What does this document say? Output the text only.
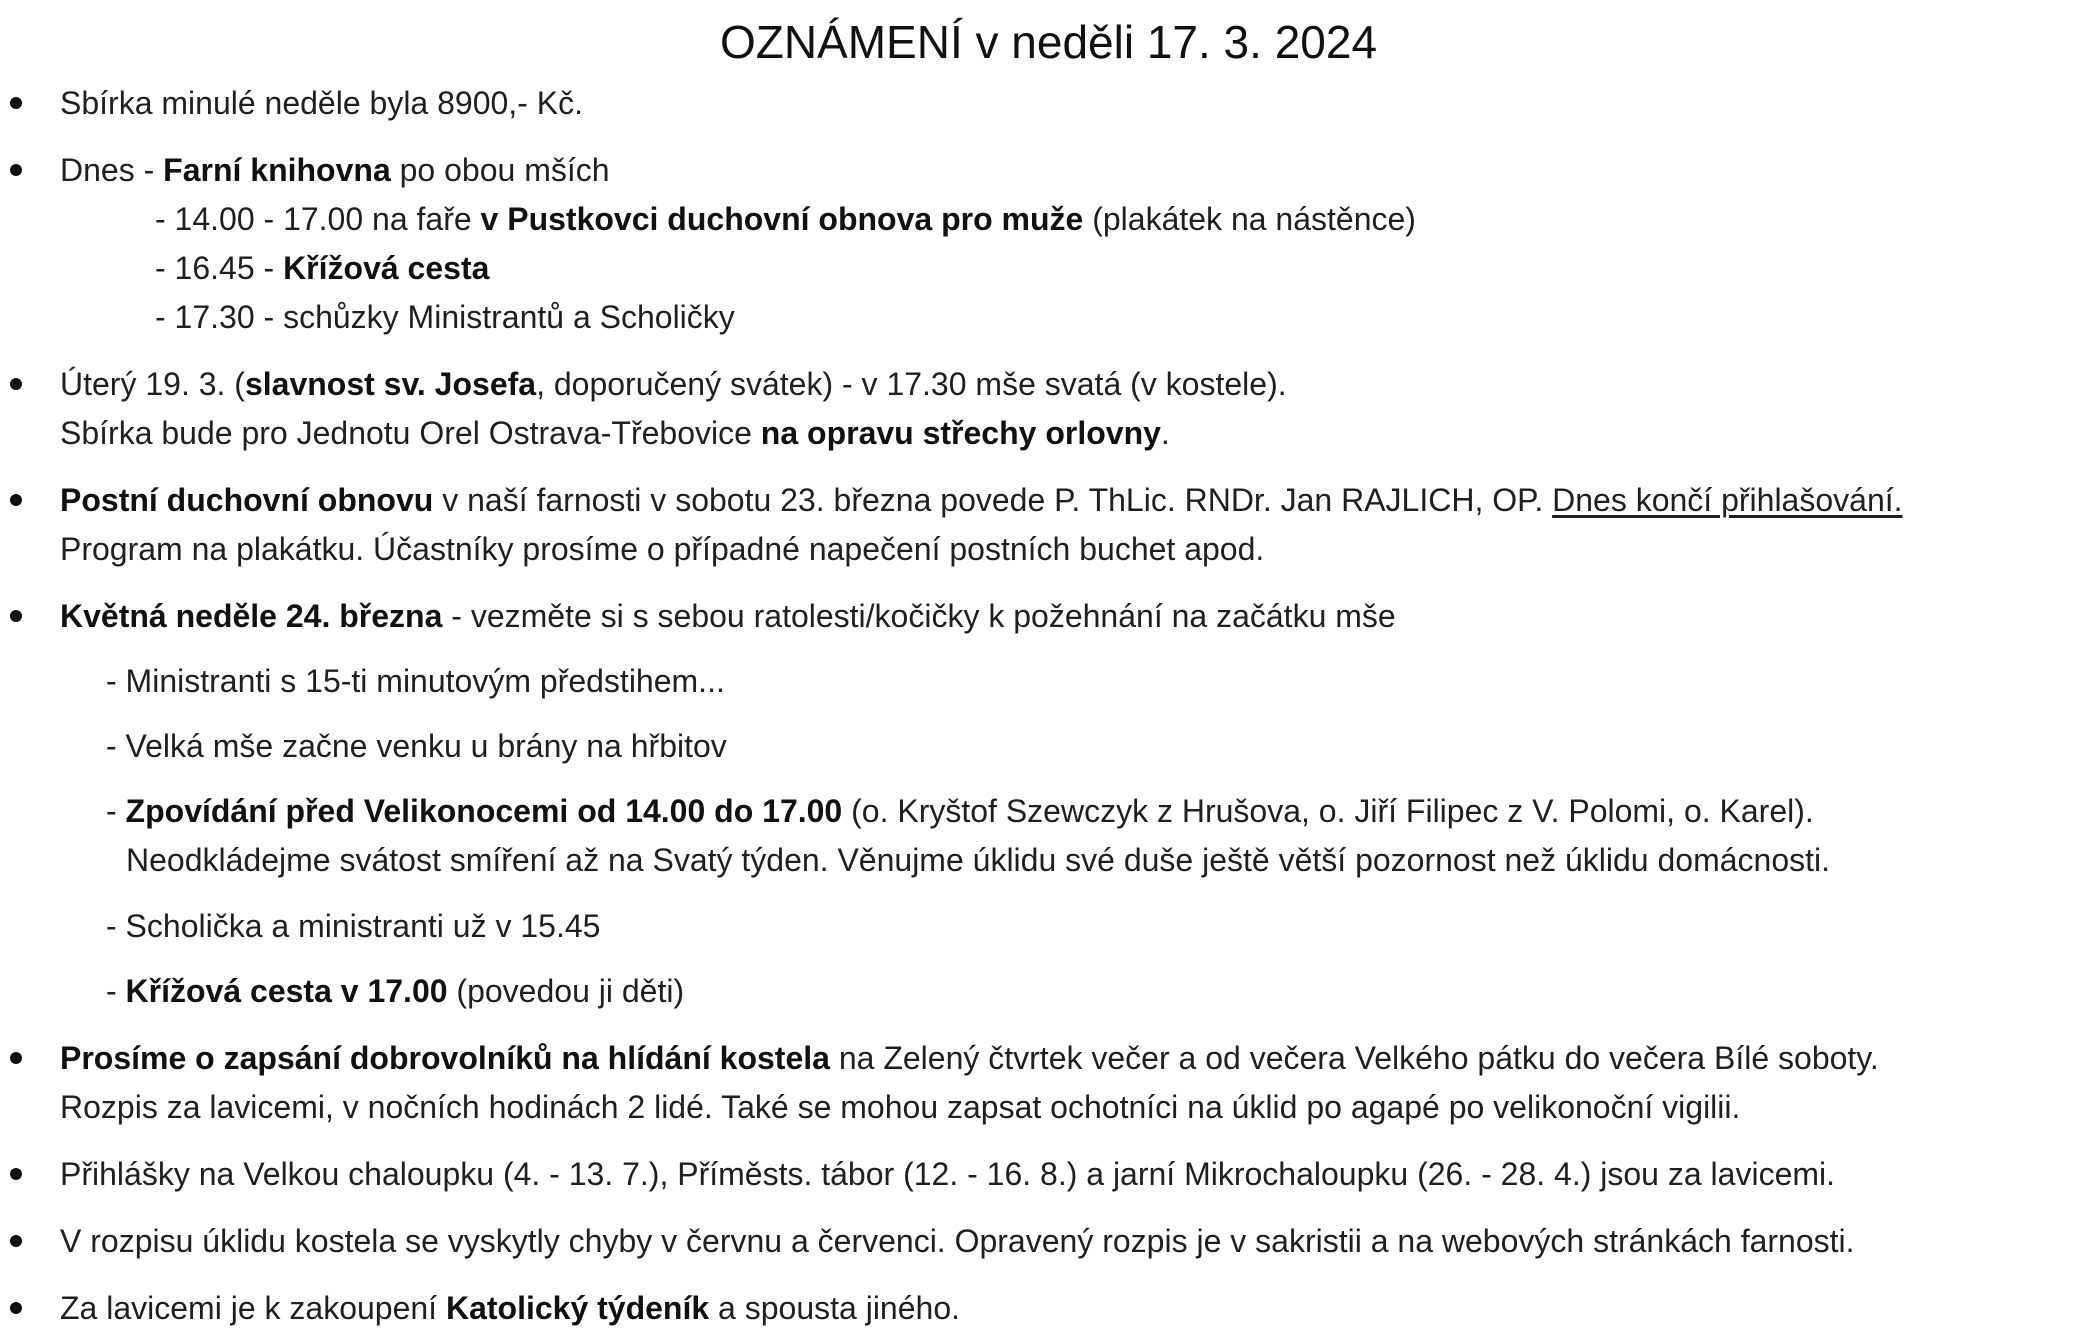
OZNÁMENÍ v neděli 17. 3. 2024
Sbírka minulé neděle byla 8900,- Kč.
Dnes - Farní knihovna po obou mších
- 14.00 - 17.00 na faře v Pustkovci duchovní obnova pro muže (plakátek na nástěnce)
- 16.45 - Křížová cesta
- 17.30 - schůzky Ministrantů a Scholičky
Úterý 19. 3. (slavnost sv. Josefa, doporučený svátek) - v 17.30 mše svatá (v kostele).
Sbírka bude pro Jednotu Orel Ostrava-Třebovice na opravu střechy orlovny.
Postní duchovní obnovu v naší farnosti v sobotu 23. března povede P. ThLic. RNDr. Jan RAJLICH, OP. Dnes končí přihlašování.
Program na plakátku. Účastníky prosíme o případné napečení postních buchet apod.
Květná neděle 24. března - vezměte si s sebou ratolesti/kočičky k požehnání na začátku mše
- Ministranti s 15-ti minutovým předstihem...
- Velká mše začne venku u brány na hřbitov
- Zpovídání před Velikonocemi od 14.00 do 17.00 (o. Kryštof Szewczyk z Hrušova, o. Jiří Filipec z V. Polomi, o. Karel).
Neodkládejme svátost smíření až na Svatý týden. Věnujme úklidu své duše ještě větší pozornost než úklidu domácnosti.
- Scholička a ministranti už v 15.45
- Křížová cesta v 17.00 (povedou ji děti)
Prosíme o zapsání dobrovolníků na hlídání kostela na Zelený čtvrtek večer a od večera Velkého pátku do večera Bílé soboty.
Rozpis za lavicemi, v nočních hodinách 2 lidé. Také se mohou zapsat ochotníci na úklid po agapé po velikonoční vigilii.
Přihlášky na Velkou chaloupku (4. - 13. 7.), Příměsts. tábor (12. - 16. 8.) a jarní Mikrochaloupku (26. - 28. 4.) jsou za lavicemi.
V rozpisu úklidu kostela se vyskytly chyby v červnu a červenci. Opravený rozpis je v sakristii a na webových stránkách farnosti.
Za lavicemi je k zakoupení Katolický týdeník a spousta jiného.
